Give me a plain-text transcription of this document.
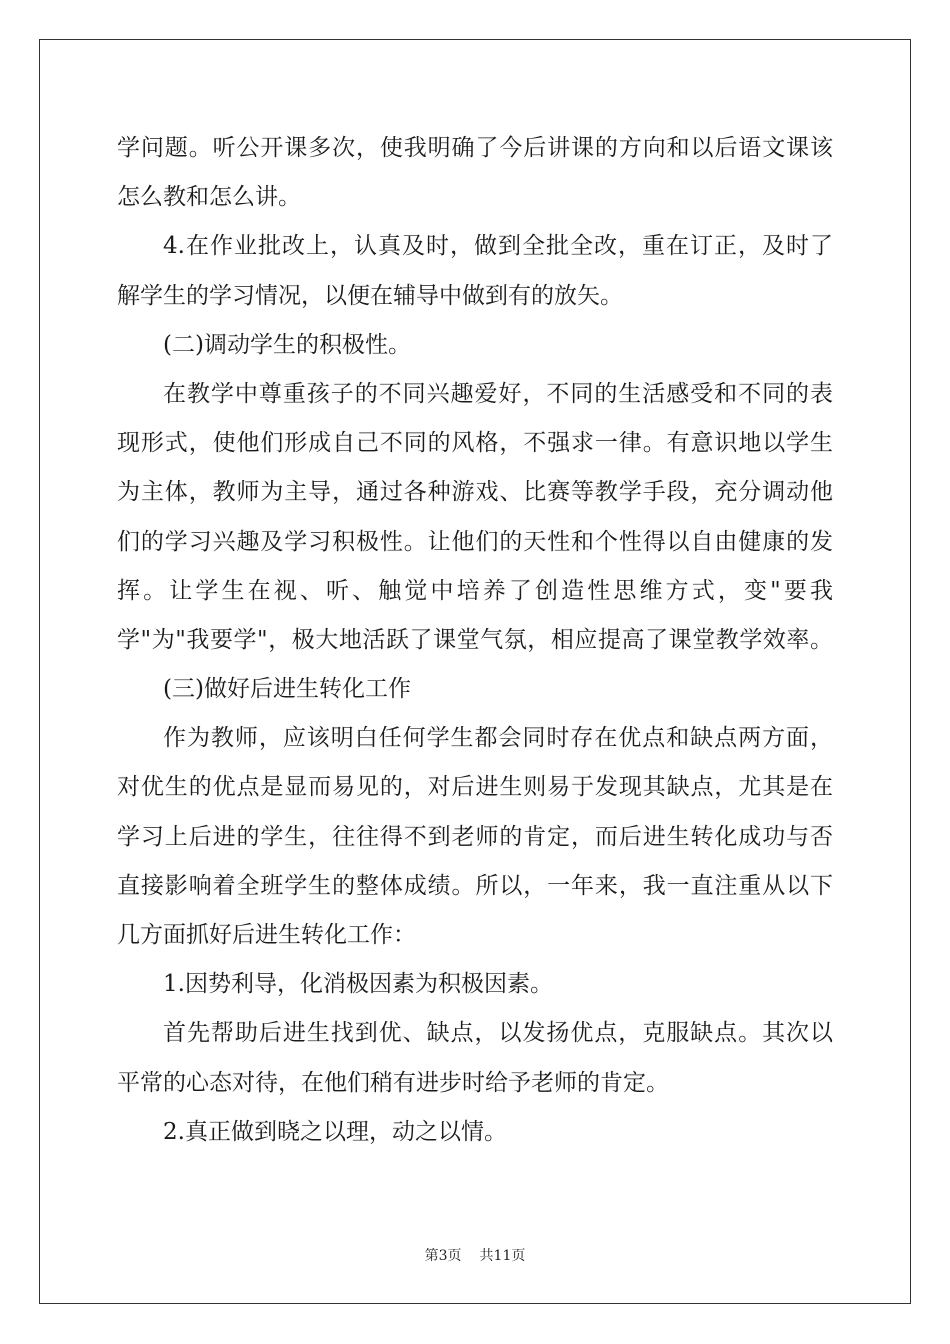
学问题。听公开课多次，使我明确了今后讲课的方向和以后语文课该
怎么教和怎么讲。
4.在作业批改上，认真及时，做到全批全改，重在订正，及时了
解学生的学习情况，以便在辅导中做到有的放矢。
(二)调动学生的积极性。
在教学中尊重孩子的不同兴趣爱好，不同的生活感受和不同的表
现形式，使他们形成自己不同的风格，不强求一律。有意识地以学生
为主体，教师为主导，通过各种游戏、比赛等教学手段，充分调动他
们的学习兴趣及学习积极性。让他们的天性和个性得以自由健康的发
挥。让学生在视、听、触觉中培养了创造性思维方式，变"要我
学"为"我要学"，极大地活跃了课堂气氛，相应提高了课堂教学效率。
(三)做好后进生转化工作
作为教师，应该明白任何学生都会同时存在优点和缺点两方面，
对优生的优点是显而易见的，对后进生则易于发现其缺点，尤其是在
学习上后进的学生，往往得不到老师的肯定，而后进生转化成功与否
直接影响着全班学生的整体成绩。所以，一年来，我一直注重从以下
几方面抓好后进生转化工作：
1.因势利导，化消极因素为积极因素。
首先帮助后进生找到优、缺点，以发扬优点，克服缺点。其次以
平常的心态对待，在他们稍有进步时给予老师的肯定。
2.真正做到晓之以理，动之以情。
第3页 共11页
